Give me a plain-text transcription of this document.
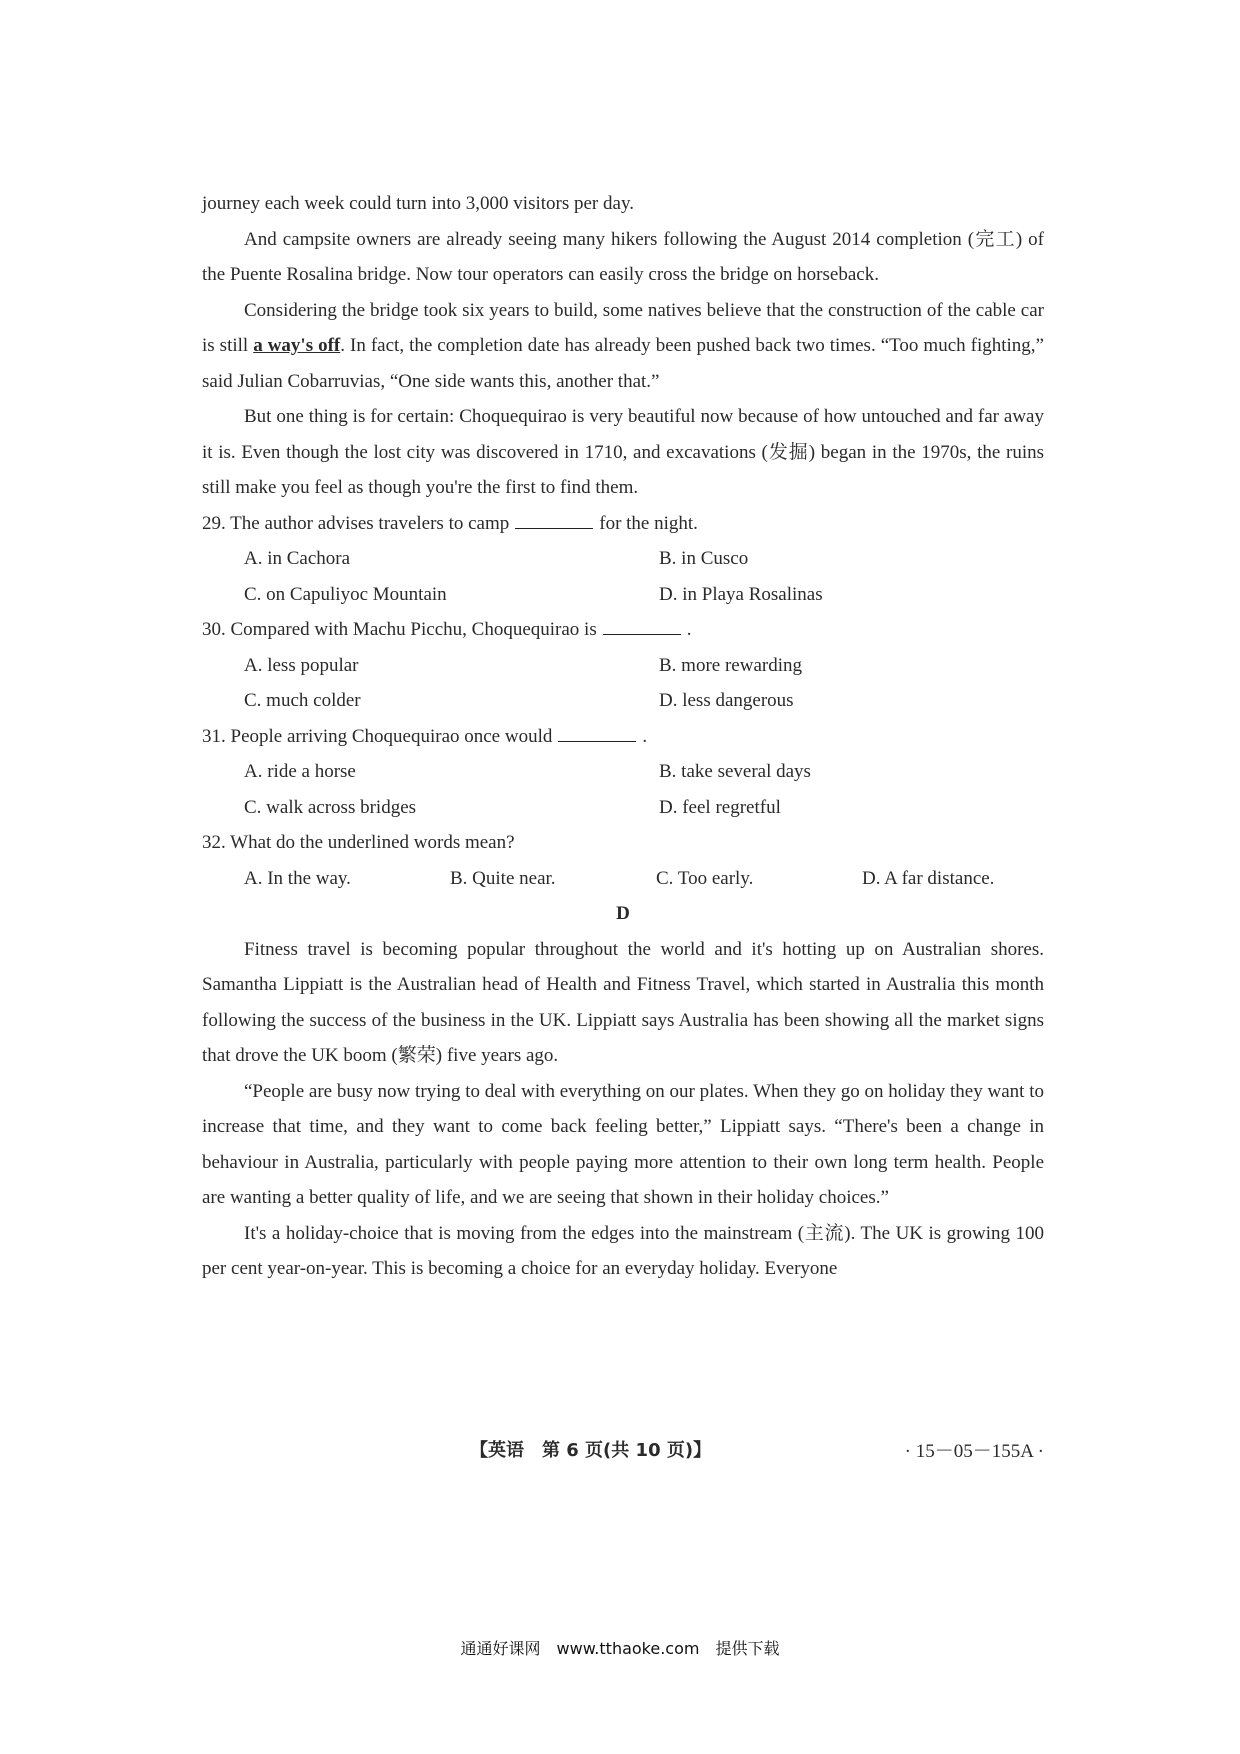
journey each week could turn into 3,000 visitors per day.

And campsite owners are already seeing many hikers following the August 2014 completion (完工) of the Puente Rosalina bridge. Now tour operators can easily cross the bridge on horseback.

Considering the bridge took six years to build, some natives believe that the construction of the cable car is still a way's off. In fact, the completion date has already been pushed back two times. “Too much fighting,” said Julian Cobarruvias, “One side wants this, another that.”

But one thing is for certain: Choquequirao is very beautiful now because of how untouched and far away it is. Even though the lost city was discovered in 1710, and excavations (发掘) began in the 1970s, the ruins still make you feel as though you're the first to find them.

29. The author advises travelers to camp	for the night.

A. in Cachora	B. in Cusco
C. on Capuliyoc Mountain	D. in Playa Rosalinas

30. Compared with Machu Picchu, Choquequirao is	.

A. less popular	B. more rewarding
C. much colder	D. less dangerous

31. People arriving Choquequirao once would	.

A. ride a horse	B. take several days
C. walk across bridges	D. feel regretful

32. What do the underlined words mean?

A. In the way.	B. Quite near.	C. Too early.	D. A far distance.

D

Fitness travel is becoming popular throughout the world and it's hotting up on Australian shores. Samantha Lippiatt is the Australian head of Health and Fitness Travel, which started in Australia this month following the success of the business in the UK. Lippiatt says Australia has been showing all the market signs that drove the UK boom (繁荣) five years ago.

“People are busy now trying to deal with everything on our plates. When they go on holiday they want to increase that time, and they want to come back feeling better,” Lippiatt says. “There's been a change in behaviour in Australia, particularly with people paying more attention to their own long term health. People are wanting a better quality of life, and we are seeing that shown in their holiday choices.”

It's a holiday-choice that is moving from the edges into the mainstream (主流). The UK is growing 100 per cent year-on-year. This is becoming a choice for an everyday holiday. Everyone

【英语　第 6 页(共 10 页)】	· 15－05－155A ·
通通好课网　www.tthaoke.com　提供下载
